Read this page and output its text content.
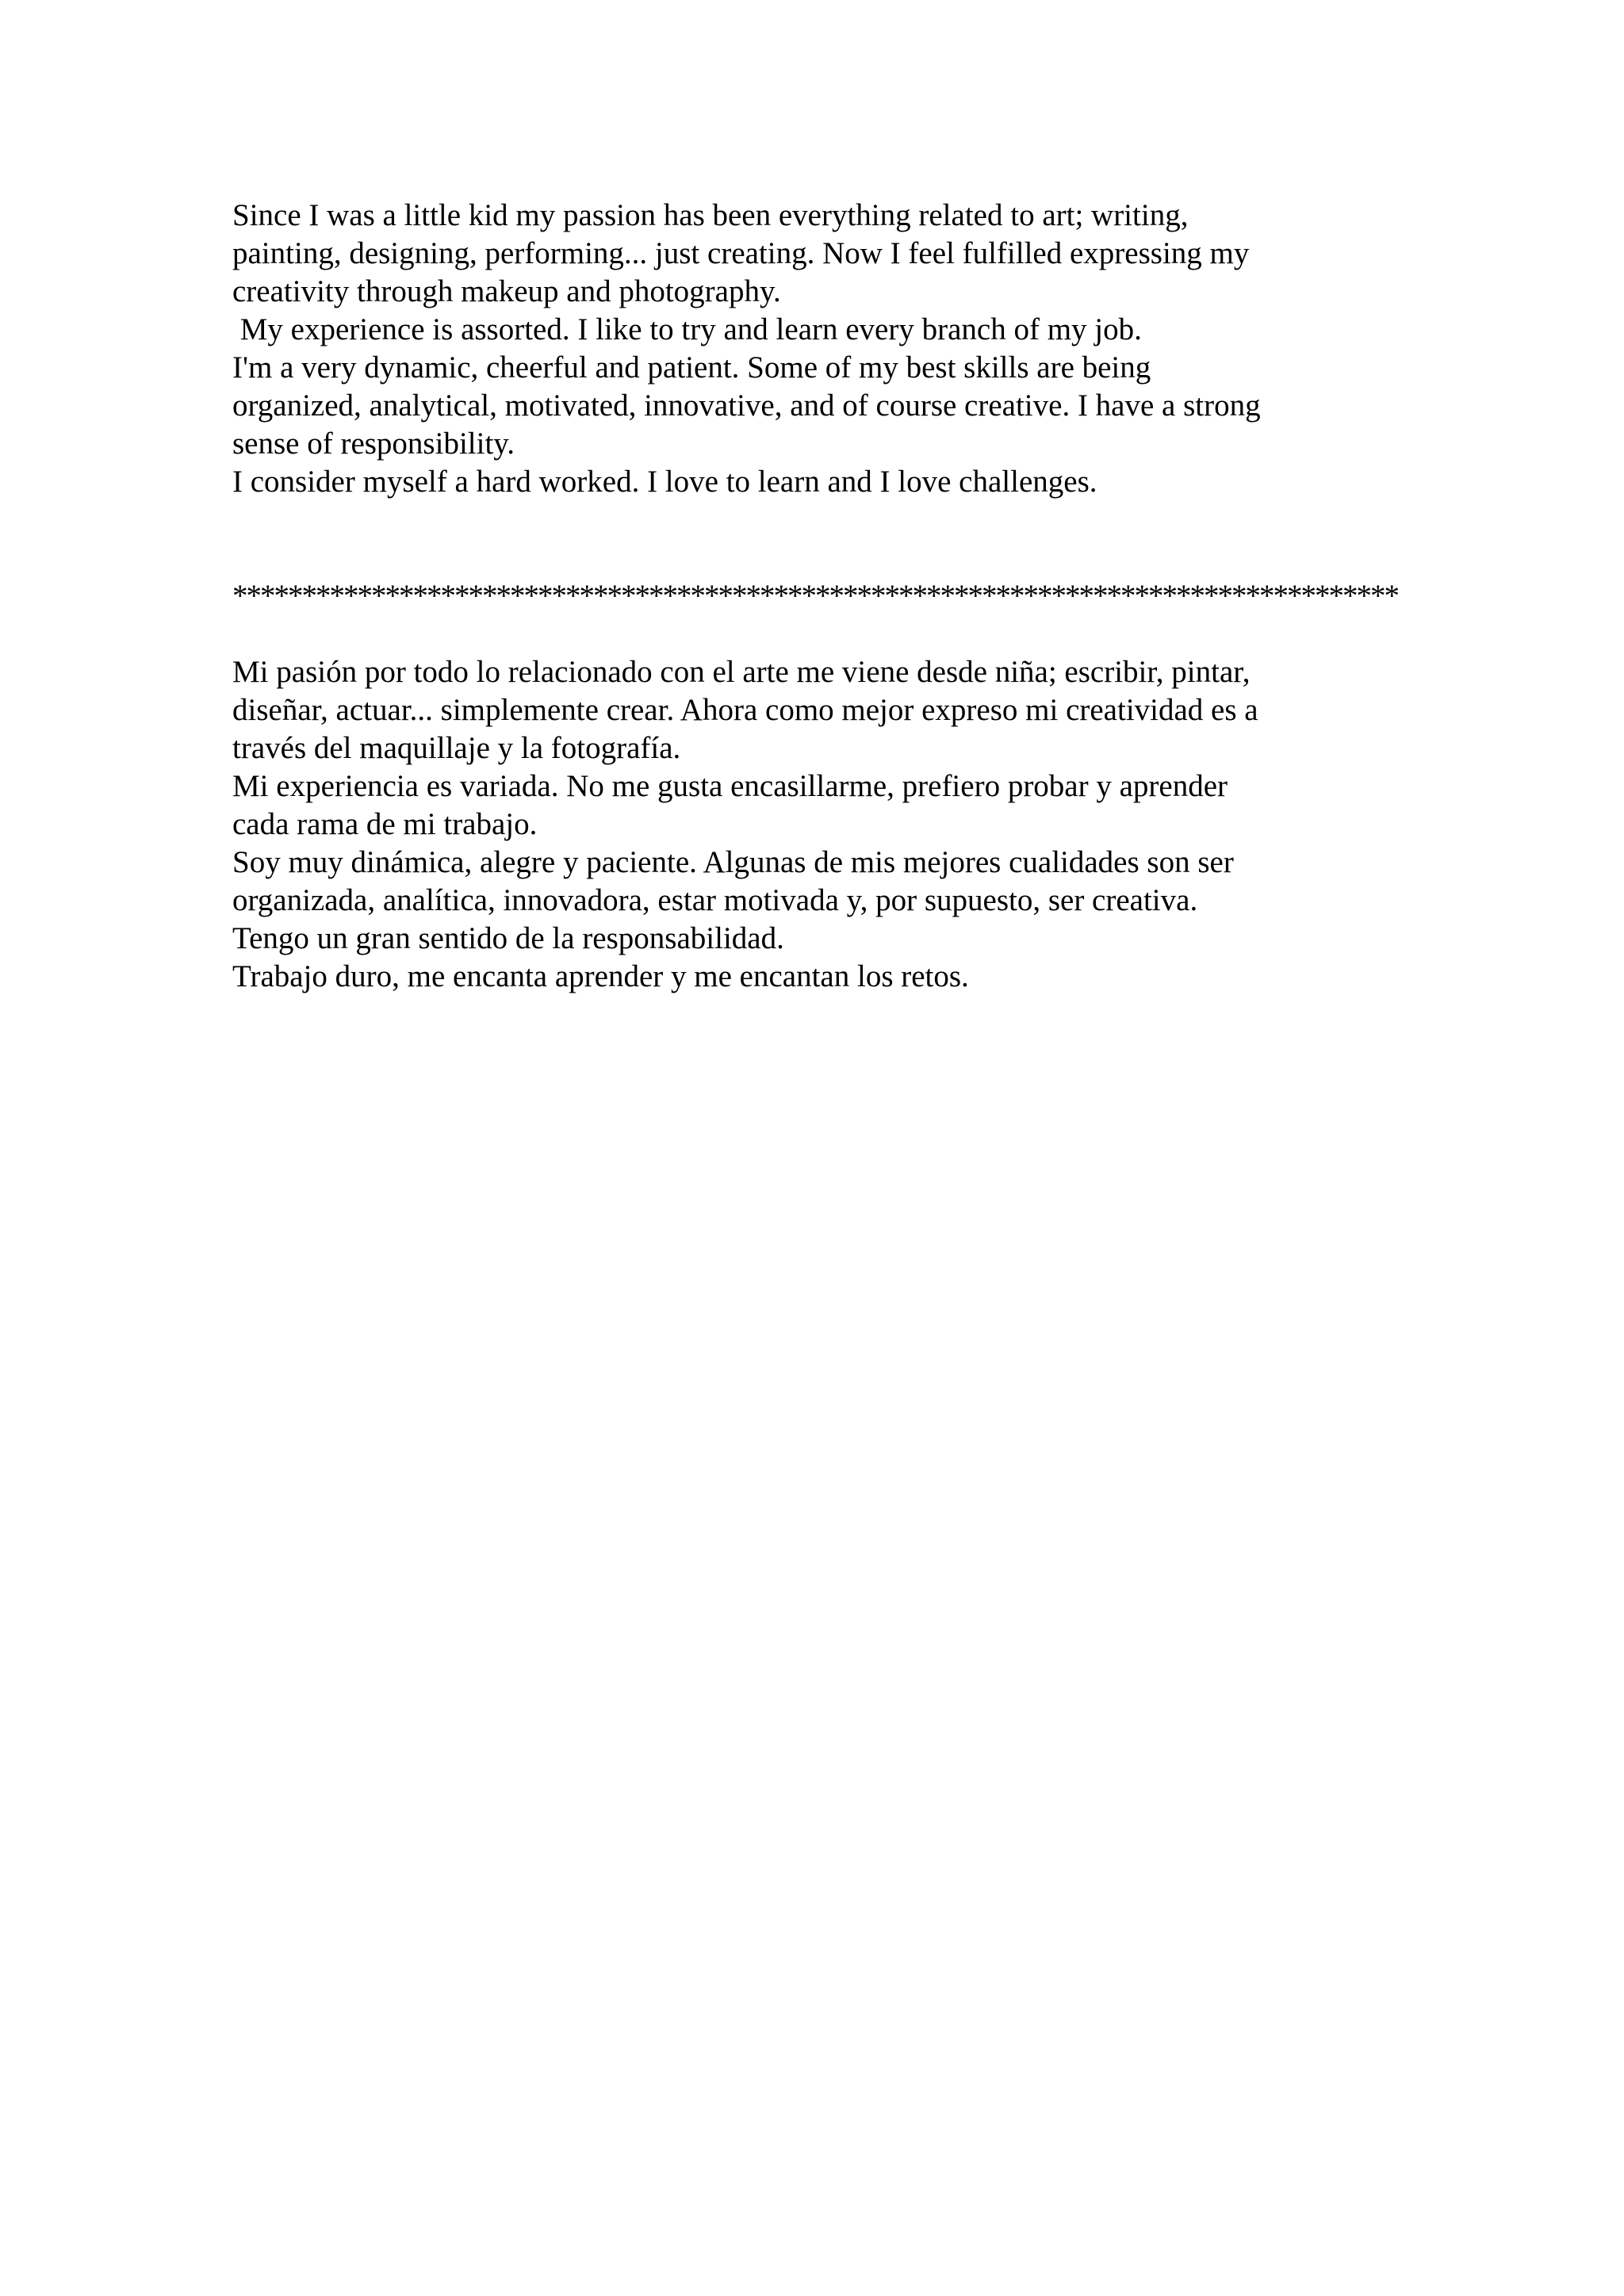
Since I was a little kid my passion has been everything related to art; writing,
painting, designing, performing... just creating. Now I feel fulfilled expressing my
creativity through makeup and photography.
My experience is assorted. I like to try and learn every branch of my job.
I'm a very dynamic, cheerful and patient. Some of my best skills are being
organized, analytical, motivated, innovative, and of course creative. I have a strong
sense of responsibility.
I consider myself a hard worked. I love to learn and I love challenges.
************************************************************************************
Mi pasión por todo lo relacionado con el arte me viene desde niña; escribir, pintar,
diseñar, actuar... simplemente crear. Ahora como mejor expreso mi creatividad es a
través del maquillaje y la fotografía.
Mi experiencia es variada. No me gusta encasillarme, prefiero probar y aprender
cada rama de mi trabajo.
Soy muy dinámica, alegre y paciente. Algunas de mis mejores cualidades son ser
organizada, analítica, innovadora, estar motivada y, por supuesto, ser creativa.
Tengo un gran sentido de la responsabilidad.
Trabajo duro, me encanta aprender y me encantan los retos.
